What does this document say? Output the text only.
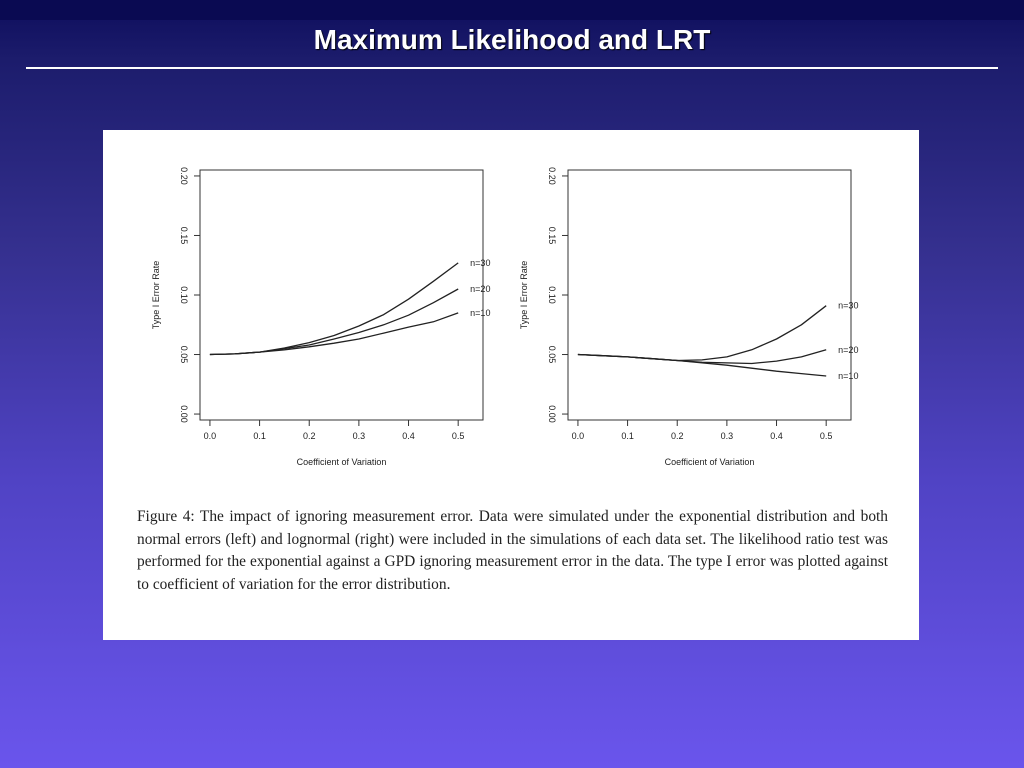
Maximum Likelihood and LRT
0.0	0.1	0.2	0.3	0.4	0.5
0.00
0.05
0.10
0.15
0.20
Coefficient of Variation
Type I Error Rate	n=30
n=20
n=10
0.0	0.1	0.2	0.3	0.4	0.5
0.00
0.05
0.10
0.15
0.20
Coefficient of Variation
Type I Error Rate	n=30
n=20
n=10
Figure 4: The impact of ignoring measurement error. Data were simulated under the exponential distribution and both normal errors (left) and lognormal (right) were included in the simulations of each data set. The likelihood ratio test was performed for the exponential against a GPD ignoring measurement error in the data. The type I error was plotted against to coefficient of variation for the error distribution.
